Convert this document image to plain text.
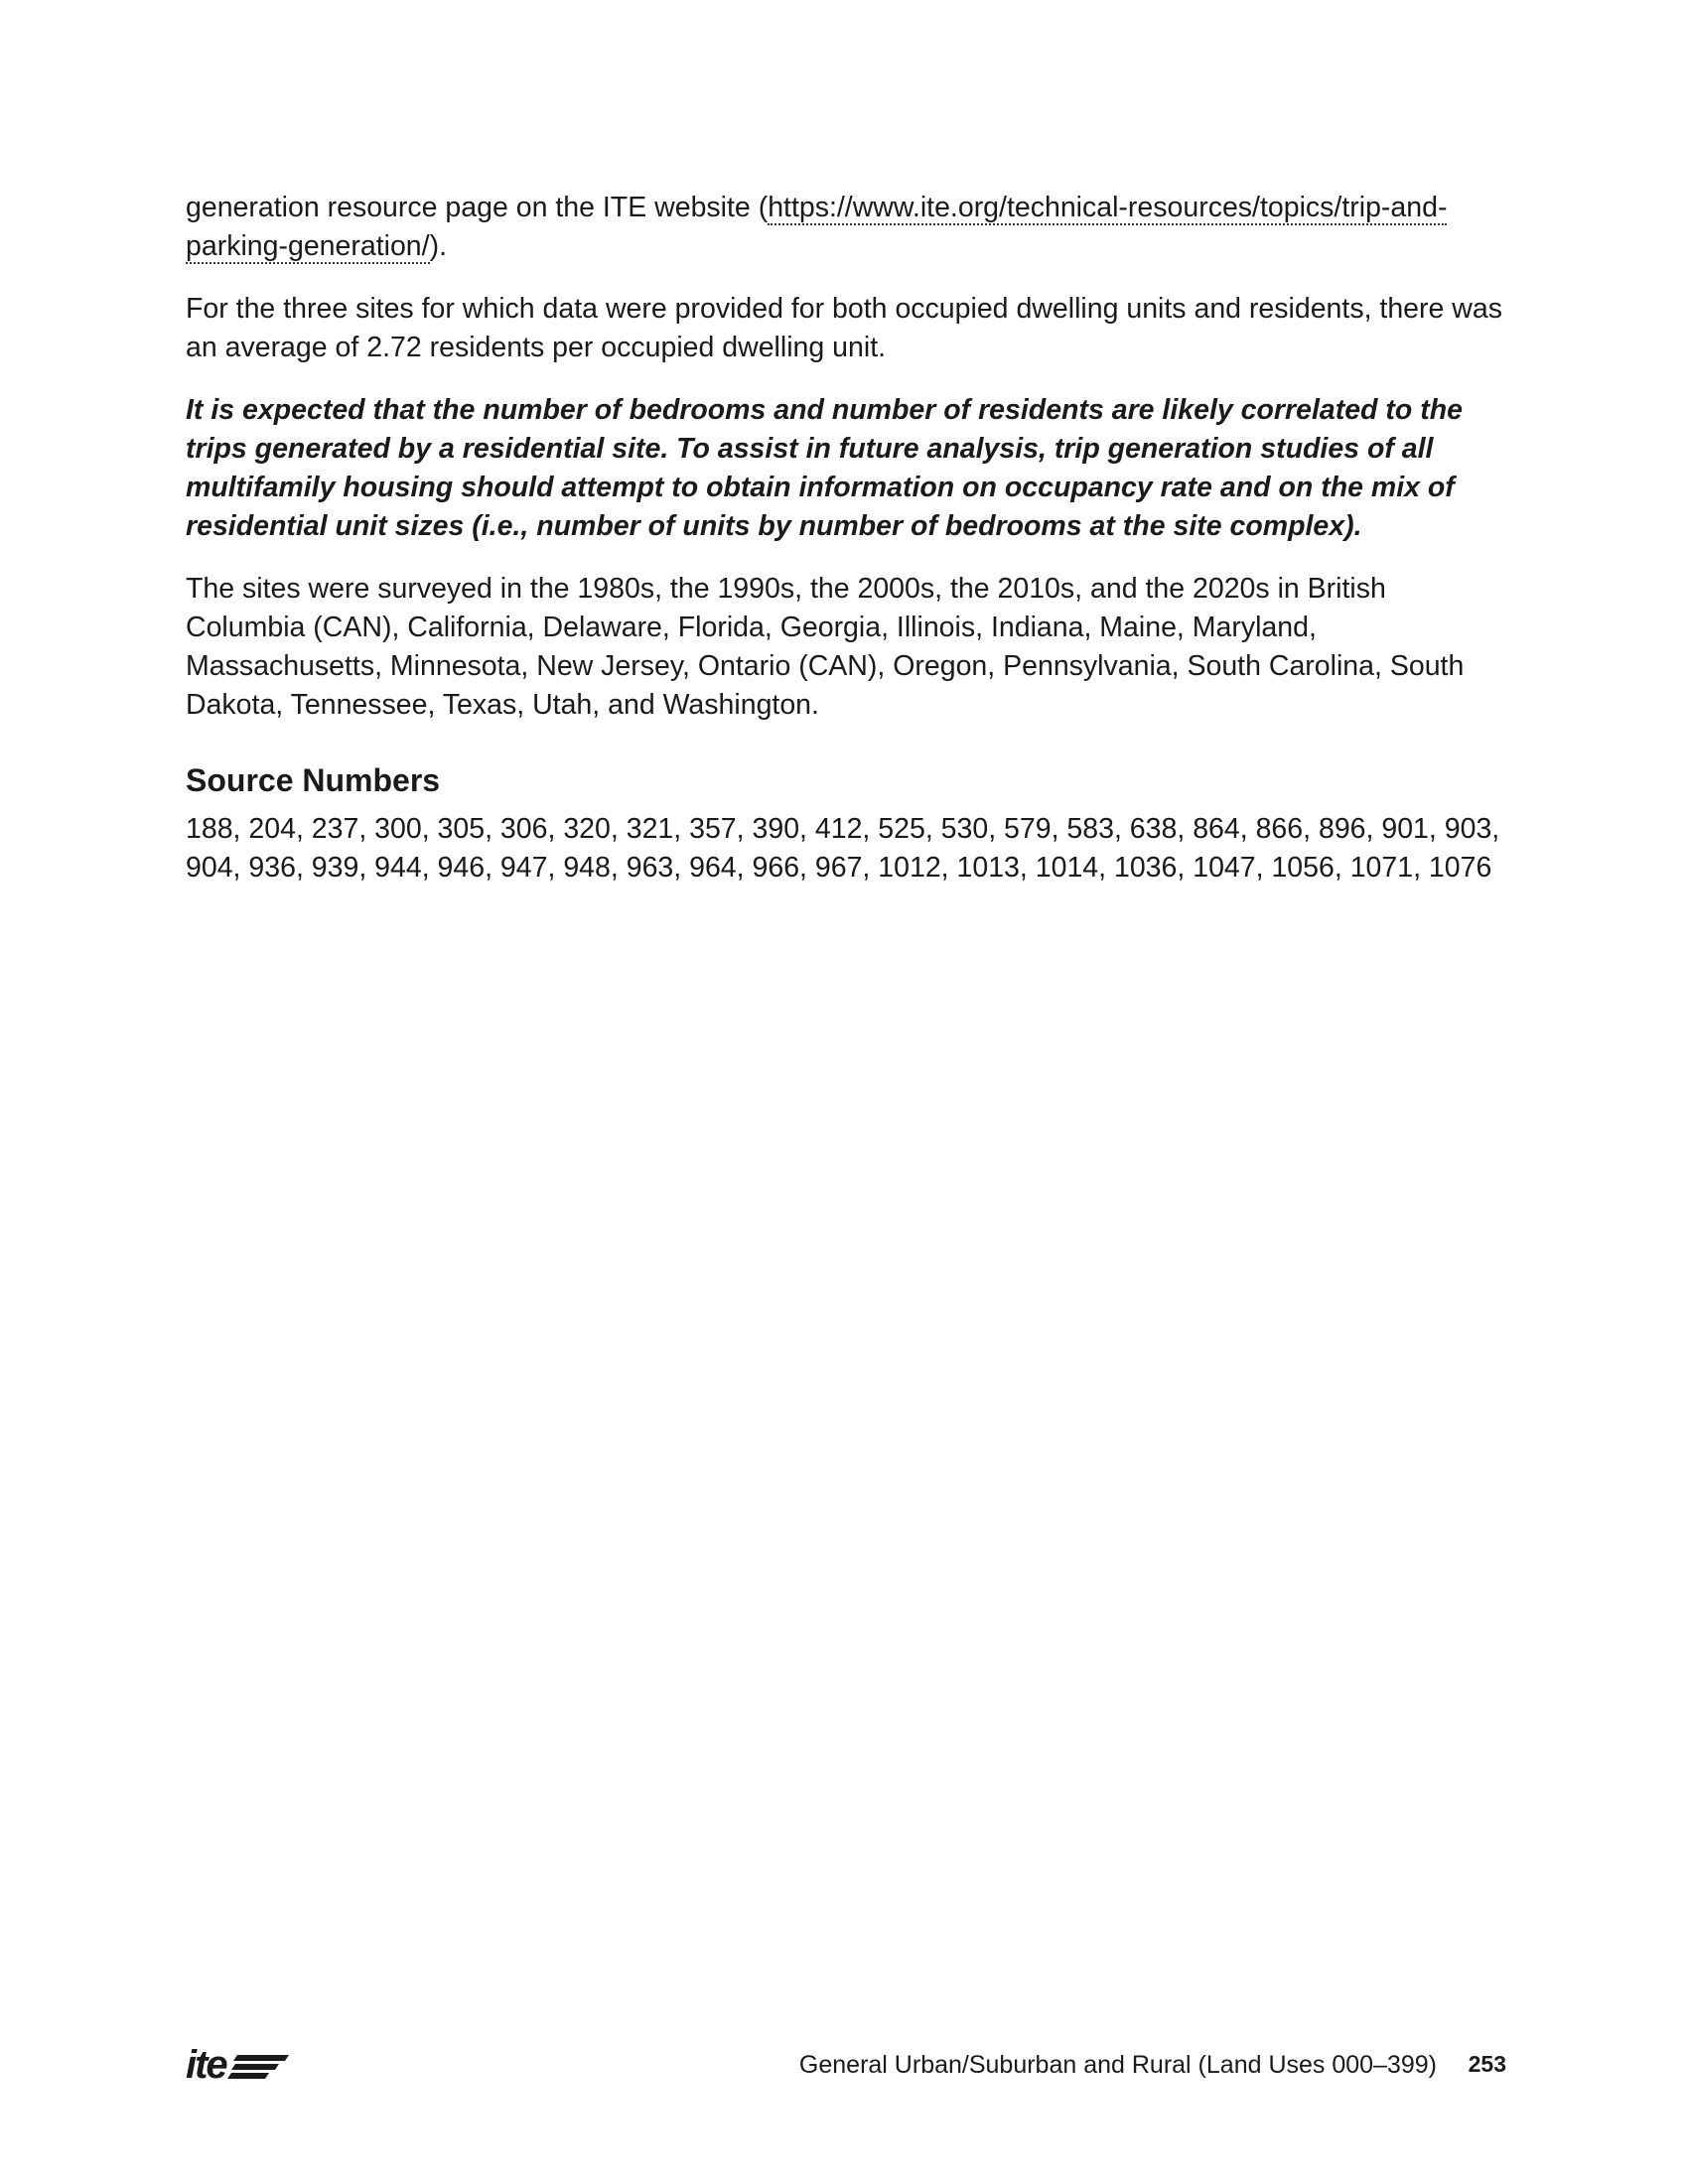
generation resource page on the ITE website (https://www.ite.org/technical-resources/topics/trip-and-parking-generation/).

For the three sites for which data were provided for both occupied dwelling units and residents, there was an average of 2.72 residents per occupied dwelling unit.

It is expected that the number of bedrooms and number of residents are likely correlated to the trips generated by a residential site. To assist in future analysis, trip generation studies of all multifamily housing should attempt to obtain information on occupancy rate and on the mix of residential unit sizes (i.e., number of units by number of bedrooms at the site complex).

The sites were surveyed in the 1980s, the 1990s, the 2000s, the 2010s, and the 2020s in British Columbia (CAN), California, Delaware, Florida, Georgia, Illinois, Indiana, Maine, Maryland, Massachusetts, Minnesota, New Jersey, Ontario (CAN), Oregon, Pennsylvania, South Carolina, South Dakota, Tennessee, Texas, Utah, and Washington.

Source Numbers

188, 204, 237, 300, 305, 306, 320, 321, 357, 390, 412, 525, 530, 579, 583, 638, 864, 866, 896, 901, 903, 904, 936, 939, 944, 946, 947, 948, 963, 964, 966, 967, 1012, 1013, 1014, 1036, 1047, 1056, 1071, 1076

ite	General Urban/Suburban and Rural (Land Uses 000–399) 253
